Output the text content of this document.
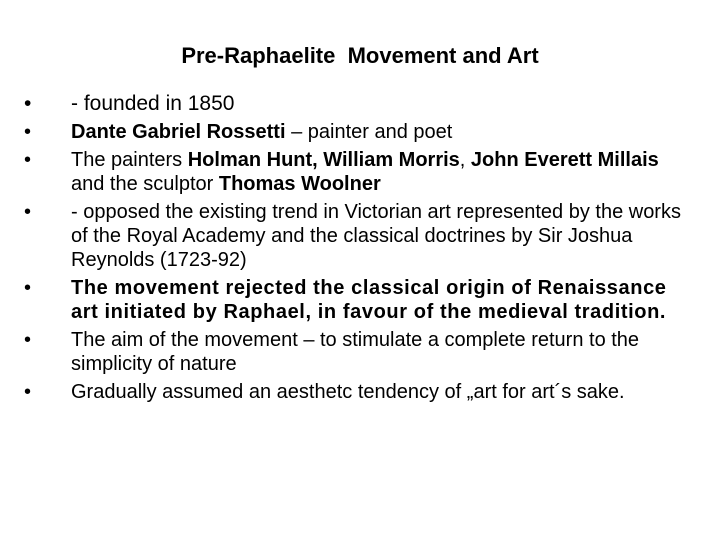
Pre-Raphaelite  Movement and Art
•	- founded in 1850
•	Dante Gabriel Rossetti – painter and poet
•	The painters Holman Hunt, William Morris, John Everett Millais and the sculptor Thomas Woolner
•	- opposed the existing trend in Victorian art represented by the works of the Royal Academy and the classical doctrines by Sir Joshua Reynolds (1723-92)
•	The movement rejected the classical origin of Renaissance art initiated by Raphael, in favour of the medieval tradition.
•	The aim of the movement – to stimulate a complete return to the simplicity of nature
•	Gradually assumed an aesthetc tendency of „art for art´s sake.
